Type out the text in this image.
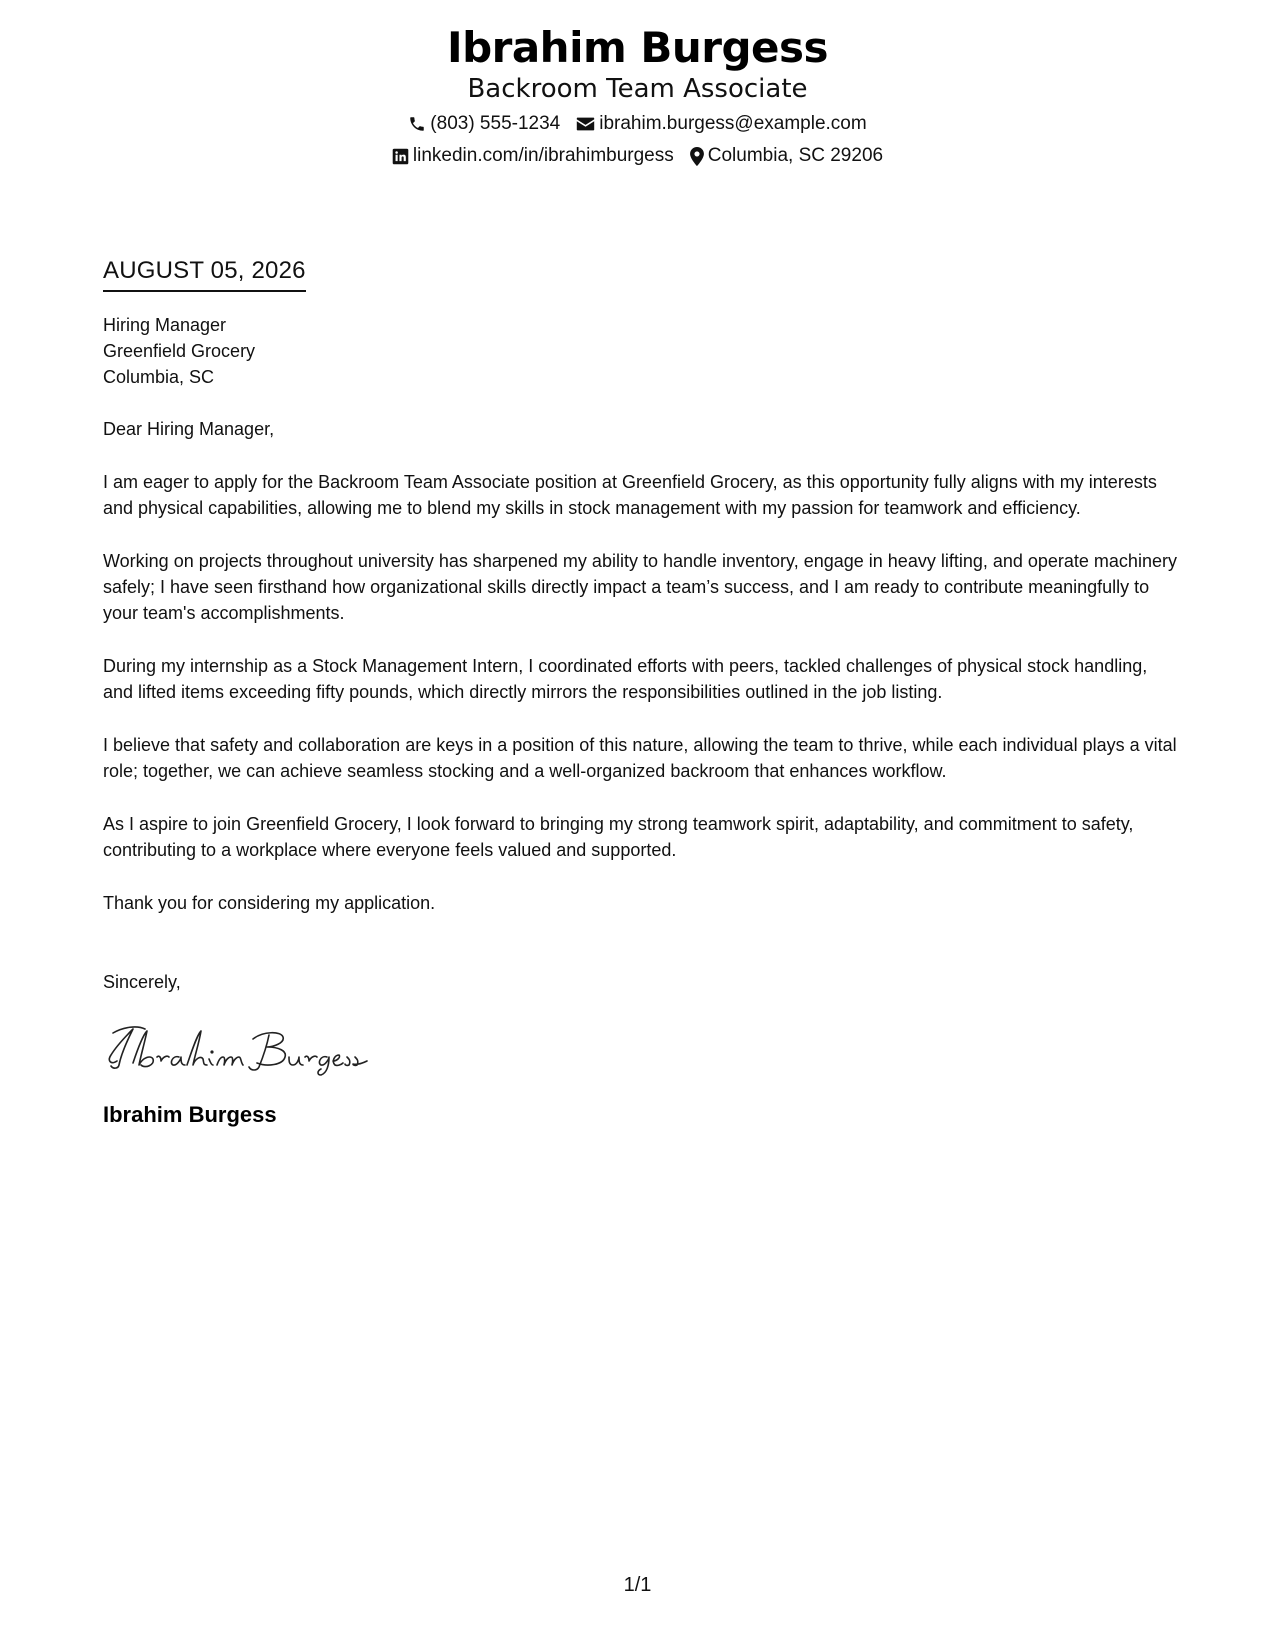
Ibrahim Burgess
Backroom Team Associate
(803) 555-1234 ibrahim.burgess@example.com
linkedin.com/in/ibrahimburgess Columbia, SC 29206
AUGUST 05, 2026
Hiring Manager
Greenfield Grocery
Columbia, SC
Dear Hiring Manager,
I am eager to apply for the Backroom Team Associate position at Greenfield Grocery, as this opportunity fully aligns with my interests and physical capabilities, allowing me to blend my skills in stock management with my passion for teamwork and efficiency.
Working on projects throughout university has sharpened my ability to handle inventory, engage in heavy lifting, and operate machinery safely; I have seen firsthand how organizational skills directly impact a team’s success, and I am ready to contribute meaningfully to your team's accomplishments.
During my internship as a Stock Management Intern, I coordinated efforts with peers, tackled challenges of physical stock handling, and lifted items exceeding fifty pounds, which directly mirrors the responsibilities outlined in the job listing.
I believe that safety and collaboration are keys in a position of this nature, allowing the team to thrive, while each individual plays a vital role; together, we can achieve seamless stocking and a well-organized backroom that enhances workflow.
As I aspire to join Greenfield Grocery, I look forward to bringing my strong teamwork spirit, adaptability, and commitment to safety, contributing to a workplace where everyone feels valued and supported.
Thank you for considering my application.
Sincerely,
Ibrahim Burgess
1/1
